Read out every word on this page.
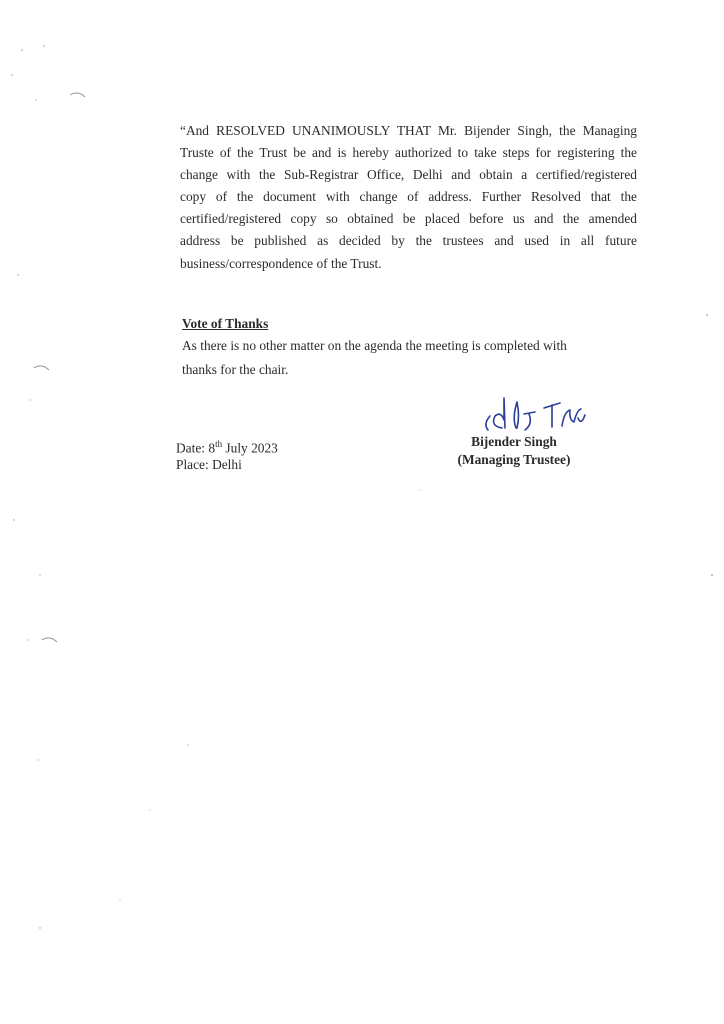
“And RESOLVED UNANIMOUSLY THAT Mr. Bijender Singh, the Managing
Truste of the Trust be and is hereby authorized to take steps for registering the
change with the Sub-Registrar Office, Delhi and obtain a certified/registered
copy of the document with change of address. Further Resolved that the
certified/registered copy so obtained be placed before us and the amended
address be published as decided by the trustees and used in all future
business/correspondence of the Trust.
Vote of Thanks
As there is no other matter on the agenda the meeting is completed with
thanks for the chair.
Date: 8th July 2023
Place: Delhi
Bijender Singh
(Managing Trustee)
